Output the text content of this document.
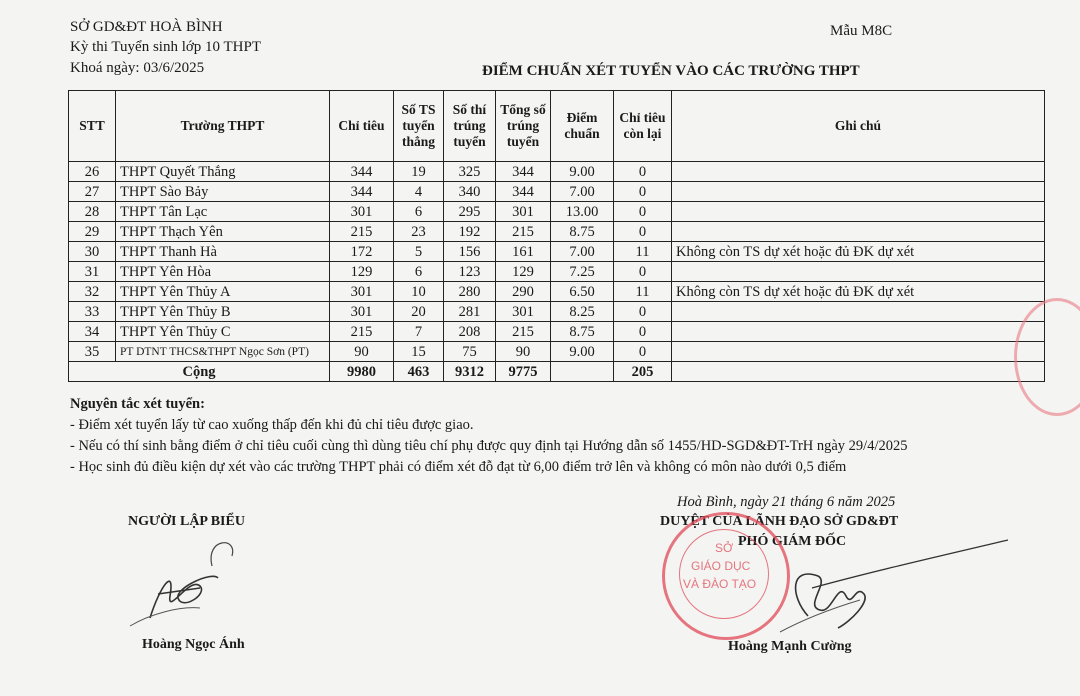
SỞ GD&ĐT HOÀ BÌNH
Kỳ thi Tuyển sinh lớp 10 THPT
Khoá ngày: 03/6/2025
Mẫu M8C
ĐIỂM CHUẨN XÉT TUYỂN VÀO CÁC TRƯỜNG THPT
STT	Trường THPT	Chỉ tiêu	Số TS tuyển thẳng	Số thí trúng tuyển	Tổng số trúng tuyển	Điểm chuẩn	Chỉ tiêu còn lại	Ghi chú
26	THPT Quyết Thắng	344	19	325	344	9.00	0	
27	THPT Sào Bảy	344	4	340	344	7.00	0	
28	THPT Tân Lạc	301	6	295	301	13.00	0	
29	THPT Thạch Yên	215	23	192	215	8.75	0	
30	THPT Thanh Hà	172	5	156	161	7.00	11	Không còn TS dự xét hoặc đủ ĐK dự xét
31	THPT Yên Hòa	129	6	123	129	7.25	0	
32	THPT Yên Thủy A	301	10	280	290	6.50	11	Không còn TS dự xét hoặc đủ ĐK dự xét
33	THPT Yên Thủy B	301	20	281	301	8.25	0	
34	THPT Yên Thủy C	215	7	208	215	8.75	0	
35	PT DTNT THCS&THPT Ngọc Sơn (PT)	90	15	75	90	9.00	0	
Cộng		9980	463	9312	9775		205	
Nguyên tắc xét tuyển:
- Điểm xét tuyển lấy từ cao xuống thấp đến khi đủ chỉ tiêu được giao.
- Nếu có thí sinh bằng điểm ở chỉ tiêu cuối cùng thì dùng tiêu chí phụ được quy định tại Hướng dẫn số 1455/HD-SGD&ĐT-TrH ngày 29/4/2025
- Học sinh đủ điều kiện dự xét vào các trường THPT phải có điểm xét đỗ đạt từ 6,00 điểm trở lên và không có môn nào dưới 0,5 điểm
Hoà Bình, ngày 21 tháng 6 năm 2025
NGƯỜI LẬP BIỂU	DUYỆT CỦA LÃNH ĐẠO SỞ GD&ĐT
PHÓ GIÁM ĐỐC
SỞ
GIÁO DỤC
VÀ ĐÀO TẠO
Hoàng Ngọc Ánh	Hoàng Mạnh Cường
